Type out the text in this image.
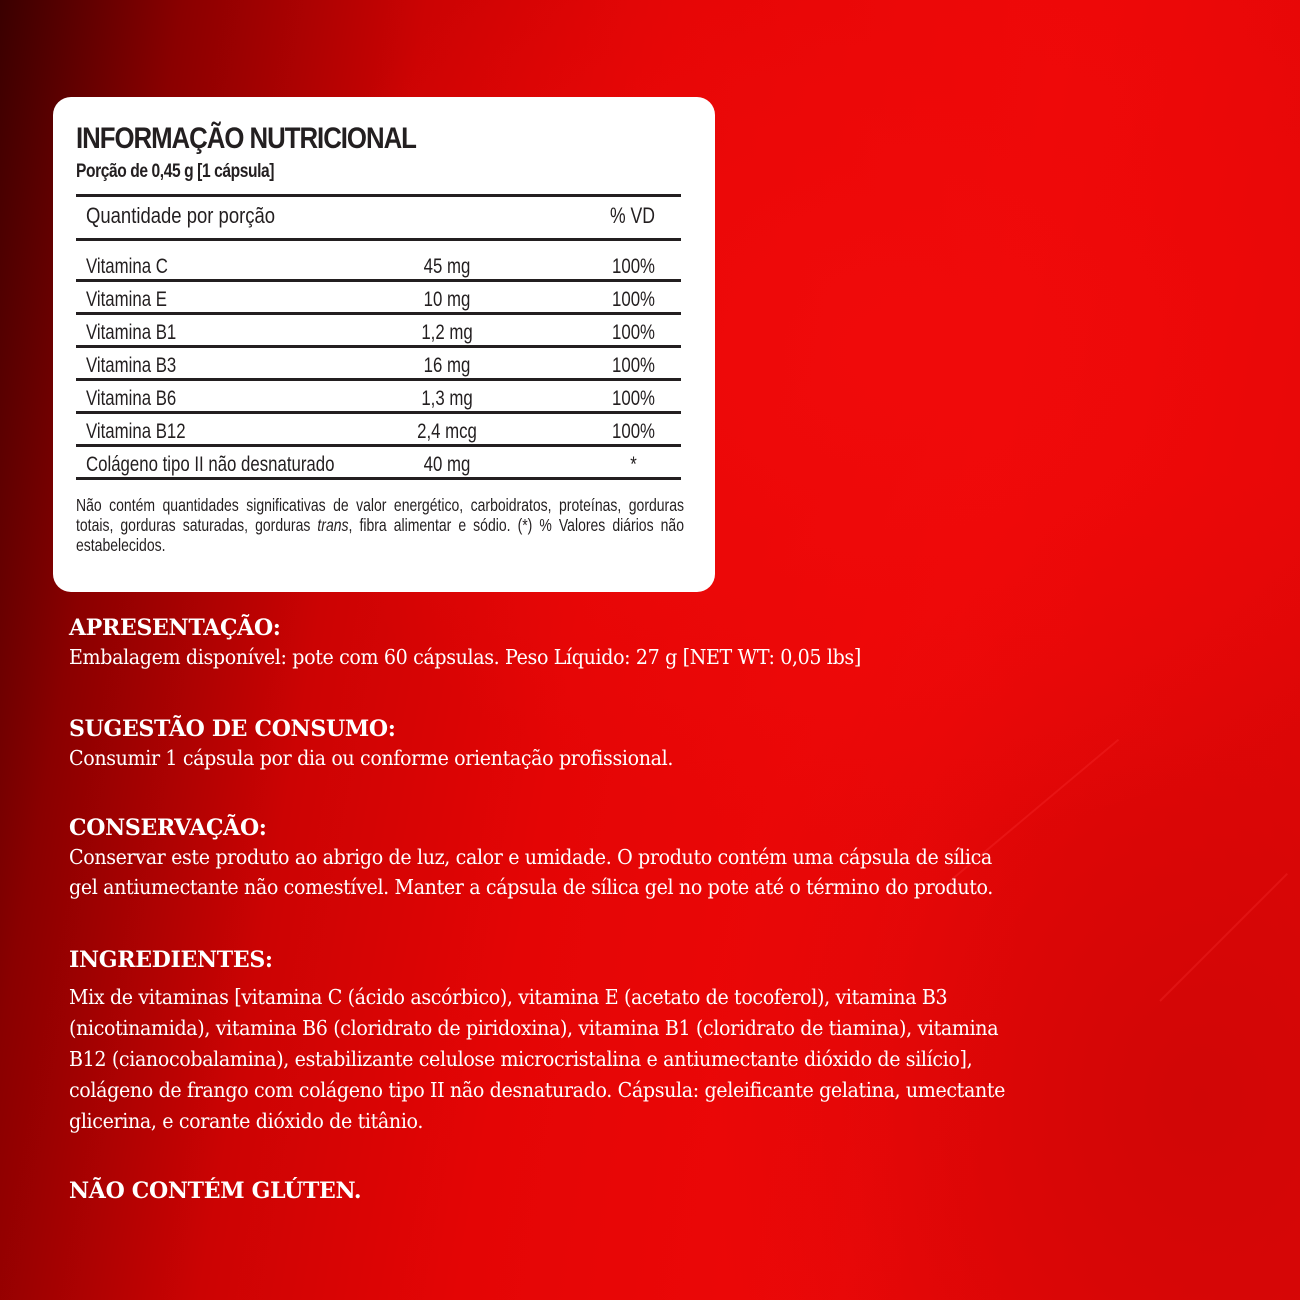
INFORMAÇÃO NUTRICIONAL
Porção de 0,45 g [1 cápsula]
Quantidade por porção	% VD
Vitamina C	45 mg	100%
Vitamina E	10 mg	100%
Vitamina B1	1,2 mg	100%
Vitamina B3	16 mg	100%
Vitamina B6	1,3 mg	100%
Vitamina B12	2,4 mcg	100%
Colágeno tipo II não desnaturado	40 mg	*
Não contém quantidades significativas de valor energético, carboidratos, proteínas, gorduras totais, gorduras saturadas, gorduras trans, fibra alimentar e sódio. (*) % Valores diários não estabelecidos.
APRESENTAÇÃO:

Embalagem disponível: pote com 60 cápsulas. Peso Líquido: 27 g [NET WT: 0,05 lbs]

SUGESTÃO DE CONSUMO:

Consumir 1 cápsula por dia ou conforme orientação profissional.

CONSERVAÇÃO:

Conservar este produto ao abrigo de luz, calor e umidade. O produto contém uma cápsula de sílica

gel antiumectante não comestível. Manter a cápsula de sílica gel no pote até o término do produto.

INGREDIENTES:

Mix de vitaminas [vitamina C (ácido ascórbico), vitamina E (acetato de tocoferol), vitamina B3

(nicotinamida), vitamina B6 (cloridrato de piridoxina), vitamina B1 (cloridrato de tiamina), vitamina

B12 (cianocobalamina), estabilizante celulose microcristalina e antiumectante dióxido de silício],

colágeno de frango com colágeno tipo II não desnaturado. Cápsula: geleificante gelatina, umectante

glicerina, e corante dióxido de titânio.

NÃO CONTÉM GLÚTEN.
